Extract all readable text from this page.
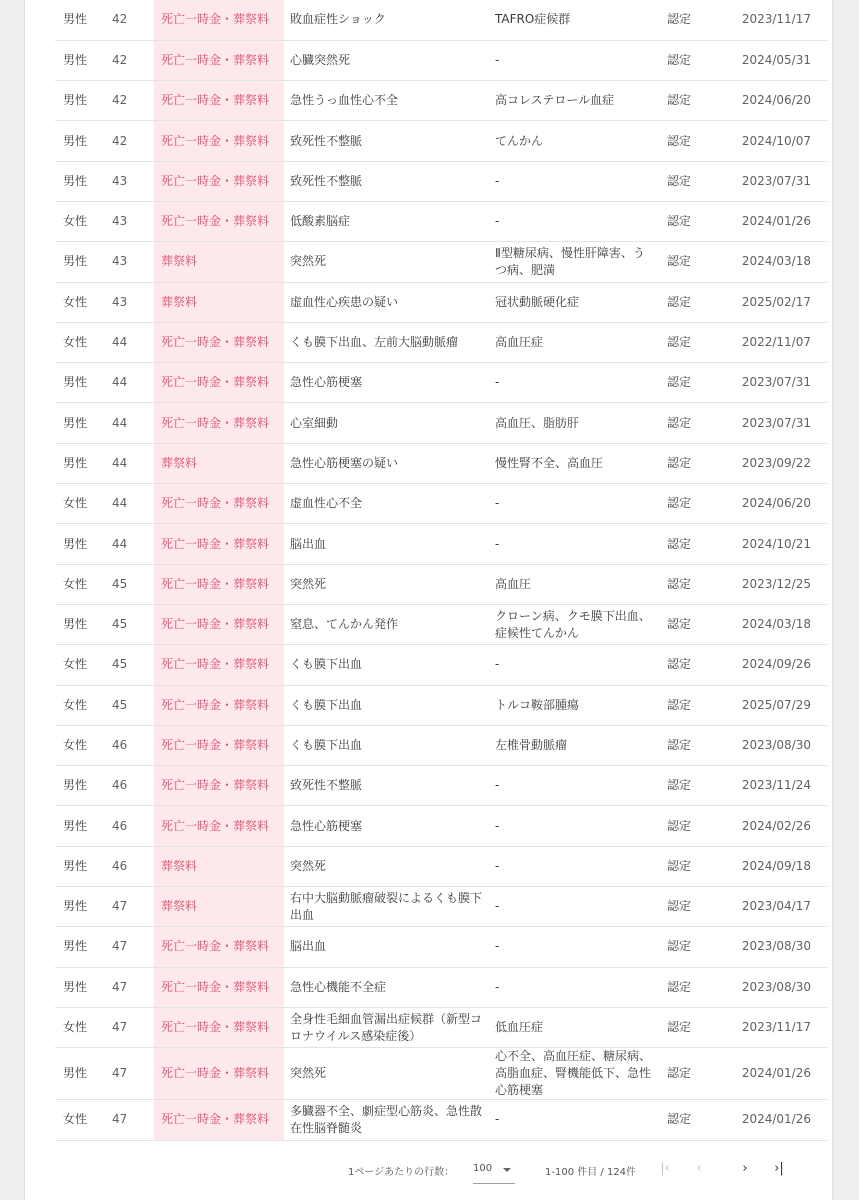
男性	42	死亡一時金・葬祭料	敗血症性ショック	TAFRO症候群	認定	2023/11/17
男性	42	死亡一時金・葬祭料	心臓突然死	-	認定	2024/05/31
男性	42	死亡一時金・葬祭料	急性うっ血性心不全	高コレステロール血症	認定	2024/06/20
男性	42	死亡一時金・葬祭料	致死性不整脈	てんかん	認定	2024/10/07
男性	43	死亡一時金・葬祭料	致死性不整脈	-	認定	2023/07/31
女性	43	死亡一時金・葬祭料	低酸素脳症	-	認定	2024/01/26
男性	43	葬祭料	突然死	Ⅱ型糖尿病、慢性肝障害、うつ病、肥満	認定	2024/03/18
女性	43	葬祭料	虚血性心疾患の疑い	冠状動脈硬化症	認定	2025/02/17
女性	44	死亡一時金・葬祭料	くも膜下出血、左前大脳動脈瘤	高血圧症	認定	2022/11/07
男性	44	死亡一時金・葬祭料	急性心筋梗塞	-	認定	2023/07/31
男性	44	死亡一時金・葬祭料	心室細動	高血圧、脂肪肝	認定	2023/07/31
男性	44	葬祭料	急性心筋梗塞の疑い	慢性腎不全、高血圧	認定	2023/09/22
女性	44	死亡一時金・葬祭料	虚血性心不全	-	認定	2024/06/20
男性	44	死亡一時金・葬祭料	脳出血	-	認定	2024/10/21
女性	45	死亡一時金・葬祭料	突然死	高血圧	認定	2023/12/25
男性	45	死亡一時金・葬祭料	窒息、てんかん発作	クローン病、クモ膜下出血、症候性てんかん	認定	2024/03/18
女性	45	死亡一時金・葬祭料	くも膜下出血	-	認定	2024/09/26
女性	45	死亡一時金・葬祭料	くも膜下出血	トルコ鞍部腫瘍	認定	2025/07/29
女性	46	死亡一時金・葬祭料	くも膜下出血	左椎骨動脈瘤	認定	2023/08/30
男性	46	死亡一時金・葬祭料	致死性不整脈	-	認定	2023/11/24
男性	46	死亡一時金・葬祭料	急性心筋梗塞	-	認定	2024/02/26
男性	46	葬祭料	突然死	-	認定	2024/09/18
男性	47	葬祭料	右中大脳動脈瘤破裂によるくも膜下出血	-	認定	2023/04/17
男性	47	死亡一時金・葬祭料	脳出血	-	認定	2023/08/30
男性	47	死亡一時金・葬祭料	急性心機能不全症	-	認定	2023/08/30
女性	47	死亡一時金・葬祭料	全身性毛細血管漏出症候群（新型コロナウイルス感染症後）	低血圧症	認定	2023/11/17
男性	47	死亡一時金・葬祭料	突然死	心不全、高血圧症、糖尿病、高脂血症、腎機能低下、急性心筋梗塞	認定	2024/01/26
女性	47	死亡一時金・葬祭料	多臓器不全、劇症型心筋炎、急性散在性脳脊髄炎	-	認定	2024/01/26
1ページあたりの行数： 100	1-100 件目 / 124件	|‹	‹	›	›|
